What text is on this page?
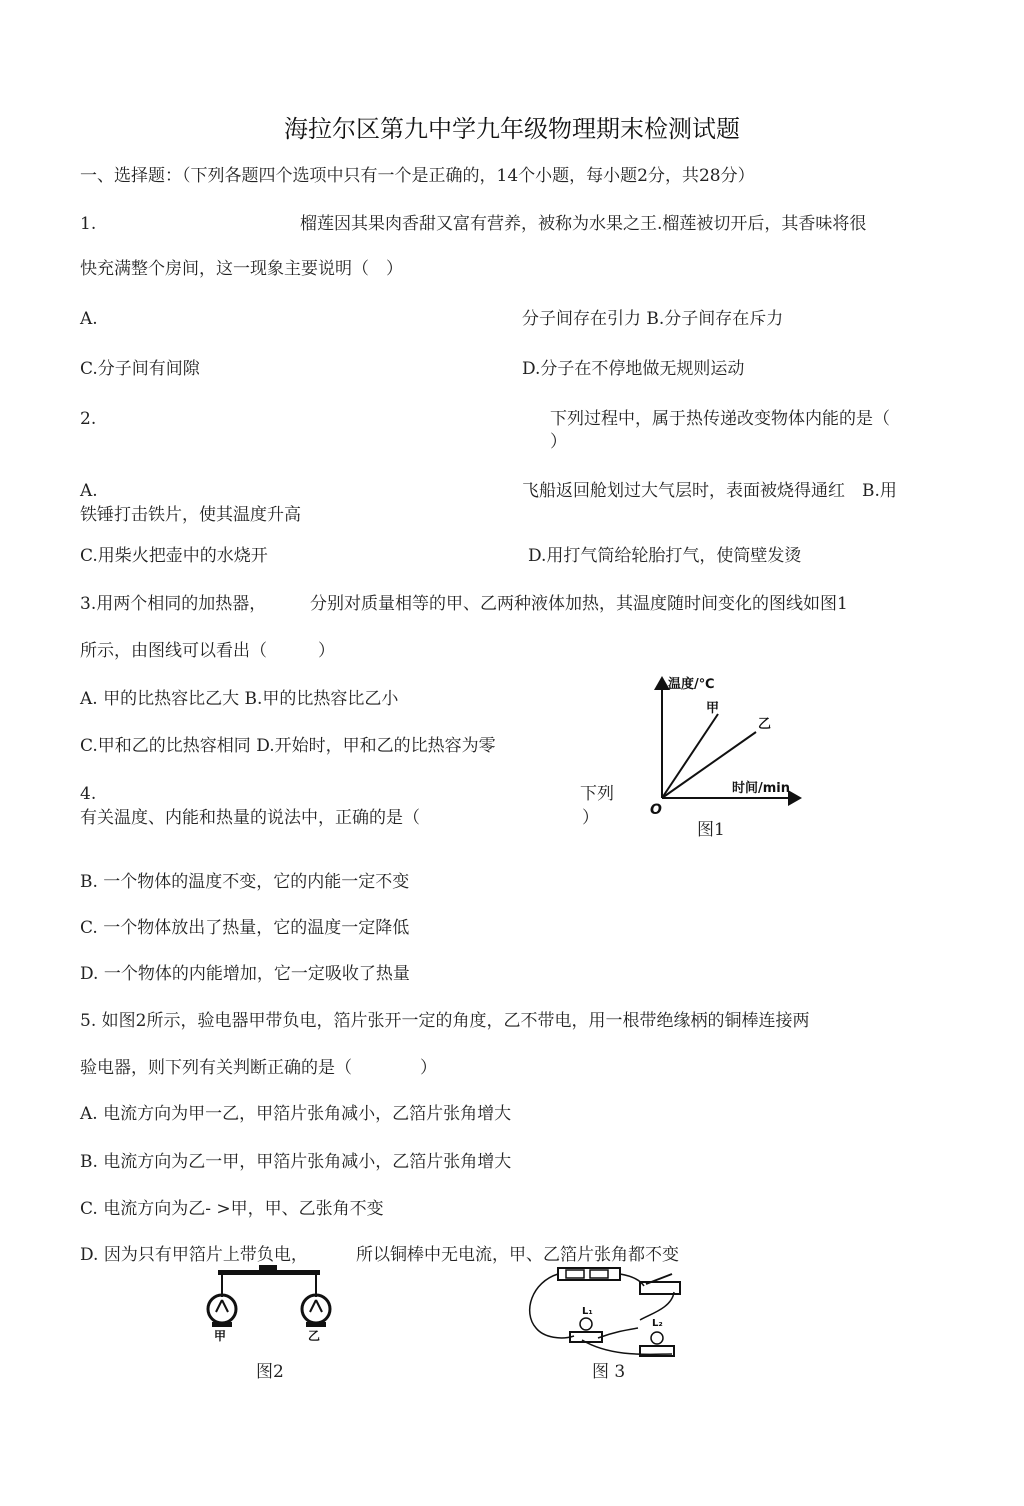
海拉尔区第九中学九年级物理期末检测试题
一、选择题：（下列各题四个选项中只有一个是正确的，14个小题，每小题2分，共28分）
1.	榴莲因其果肉香甜又富有营养，被称为水果之王.榴莲被切开后，其香味将很
快充满整个房间，这一现象主要说明（　）
A.	分子间存在引力 B.分子间存在斥力
C.分子间有间隙	D.分子在不停地做无规则运动
2.	下列过程中，属于热传递改变物体内能的是（
）
A.	飞船返回舱划过大气层时，表面被烧得通红　B.用
铁锤打击铁片，使其温度升高
C.用柴火把壶中的水烧开	D.用打气筒给轮胎打气，使筒壁发烫
3.用两个相同的加热器，	分别对质量相等的甲、乙两种液体加热，其温度随时间变化的图线如图1
所示，由图线可以看出（　　　）
A. 甲的比热容比乙大 B.甲的比热容比乙小
C.甲和乙的比热容相同 D.开始时，甲和乙的比热容为零
温度/℃
甲
乙
时间/min
O
图1
4.	下列
有关温度、内能和热量的说法中，正确的是（	）
B. 一个物体的温度不变，它的内能一定不变
C. 一个物体放出了热量，它的温度一定降低
D. 一个物体的内能增加，它一定吸收了热量
5. 如图2所示，验电器甲带负电，箔片张开一定的角度，乙不带电，用一根带绝缘柄的铜棒连接两
验电器，则下列有关判断正确的是（　　　　）
A. 电流方向为甲一乙，甲箔片张角减小，乙箔片张角增大
B. 电流方向为乙一甲，甲箔片张角减小，乙箔片张角增大
C. 电流方向为乙- >甲，甲、乙张角不变
D. 因为只有甲箔片上带负电，	所以铜棒中无电流，甲、乙箔片张角都不变
甲	乙
图2
L₁
L₂
图 3
